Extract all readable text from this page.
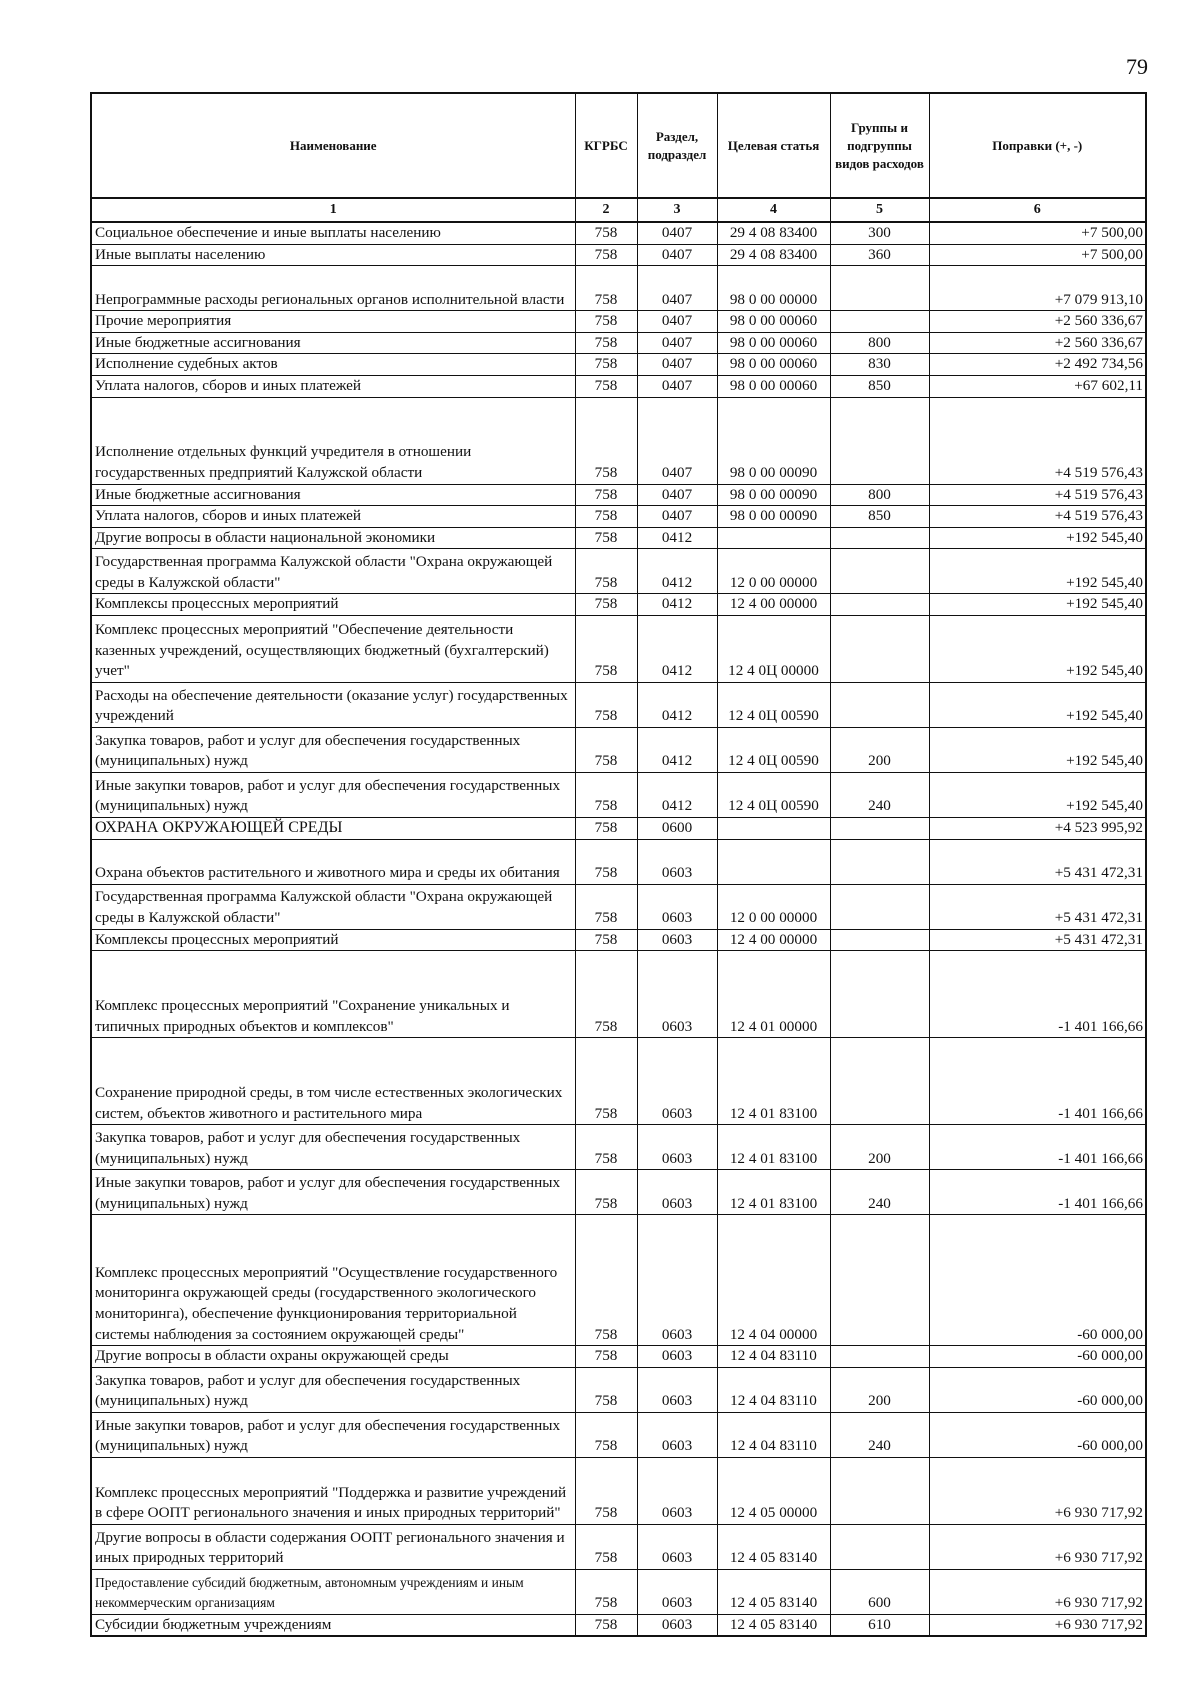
79
Наименование	КГРБС	Раздел, подраздел	Целевая статья	Группы и подгруппы видов расходов	Поправки (+, -)
1	2	3	4	5	6
Социальное обеспечение и иные выплаты населению	758	0407	29 4 08 83400	300	+7 500,00
Иные выплаты населению	758	0407	29 4 08 83400	360	+7 500,00
Непрограммные расходы региональных органов исполнительной власти	758	0407	98 0 00 00000		+7 079 913,10
Прочие мероприятия	758	0407	98 0 00 00060		+2 560 336,67
Иные бюджетные ассигнования	758	0407	98 0 00 00060	800	+2 560 336,67
Исполнение судебных актов	758	0407	98 0 00 00060	830	+2 492 734,56
Уплата налогов, сборов и иных платежей	758	0407	98 0 00 00060	850	+67 602,11
Исполнение отдельных функций учредителя в отношении государственных предприятий Калужской области	758	0407	98 0 00 00090		+4 519 576,43
Иные бюджетные ассигнования	758	0407	98 0 00 00090	800	+4 519 576,43
Уплата налогов, сборов и иных платежей	758	0407	98 0 00 00090	850	+4 519 576,43
Другие вопросы в области национальной экономики	758	0412			+192 545,40
Государственная программа Калужской области "Охрана окружающей среды в Калужской области"	758	0412	12 0 00 00000		+192 545,40
Комплексы процессных мероприятий	758	0412	12 4 00 00000		+192 545,40
Комплекс процессных мероприятий "Обеспечение деятельности казенных учреждений, осуществляющих бюджетный (бухгалтерский) учет"	758	0412	12 4 0Ц 00000		+192 545,40
Расходы на обеспечение деятельности (оказание услуг) государственных учреждений	758	0412	12 4 0Ц 00590		+192 545,40
Закупка товаров, работ и услуг для обеспечения государственных (муниципальных) нужд	758	0412	12 4 0Ц 00590	200	+192 545,40
Иные закупки товаров, работ и услуг для обеспечения государственных (муниципальных) нужд	758	0412	12 4 0Ц 00590	240	+192 545,40
ОХРАНА ОКРУЖАЮЩЕЙ СРЕДЫ	758	0600			+4 523 995,92
Охрана объектов растительного и животного мира и среды их обитания	758	0603			+5 431 472,31
Государственная программа Калужской области "Охрана окружающей среды в Калужской области"	758	0603	12 0 00 00000		+5 431 472,31
Комплексы процессных мероприятий	758	0603	12 4 00 00000		+5 431 472,31
Комплекс процессных мероприятий "Сохранение уникальных и типичных природных объектов и комплексов"	758	0603	12 4 01 00000		-1 401 166,66
Сохранение природной среды, в том числе естественных экологических систем, объектов животного и растительного мира	758	0603	12 4 01 83100		-1 401 166,66
Закупка товаров, работ и услуг для обеспечения государственных (муниципальных) нужд	758	0603	12 4 01 83100	200	-1 401 166,66
Иные закупки товаров, работ и услуг для обеспечения государственных (муниципальных) нужд	758	0603	12 4 01 83100	240	-1 401 166,66
Комплекс процессных мероприятий "Осуществление государственного мониторинга окружающей среды (государственного экологического мониторинга), обеспечение функционирования территориальной системы наблюдения за состоянием окружающей среды"	758	0603	12 4 04 00000		-60 000,00
Другие вопросы в области охраны окружающей среды	758	0603	12 4 04 83110		-60 000,00
Закупка товаров, работ и услуг для обеспечения государственных (муниципальных) нужд	758	0603	12 4 04 83110	200	-60 000,00
Иные закупки товаров, работ и услуг для обеспечения государственных (муниципальных) нужд	758	0603	12 4 04 83110	240	-60 000,00
Комплекс процессных мероприятий "Поддержка и развитие учреждений в сфере ООПТ регионального значения и иных природных территорий"	758	0603	12 4 05 00000		+6 930 717,92
Другие вопросы в области содержания ООПТ регионального значения и иных природных территорий	758	0603	12 4 05 83140		+6 930 717,92
Предоставление субсидий бюджетным, автономным учреждениям и иным некоммерческим организациям	758	0603	12 4 05 83140	600	+6 930 717,92
Субсидии бюджетным учреждениям	758	0603	12 4 05 83140	610	+6 930 717,92
